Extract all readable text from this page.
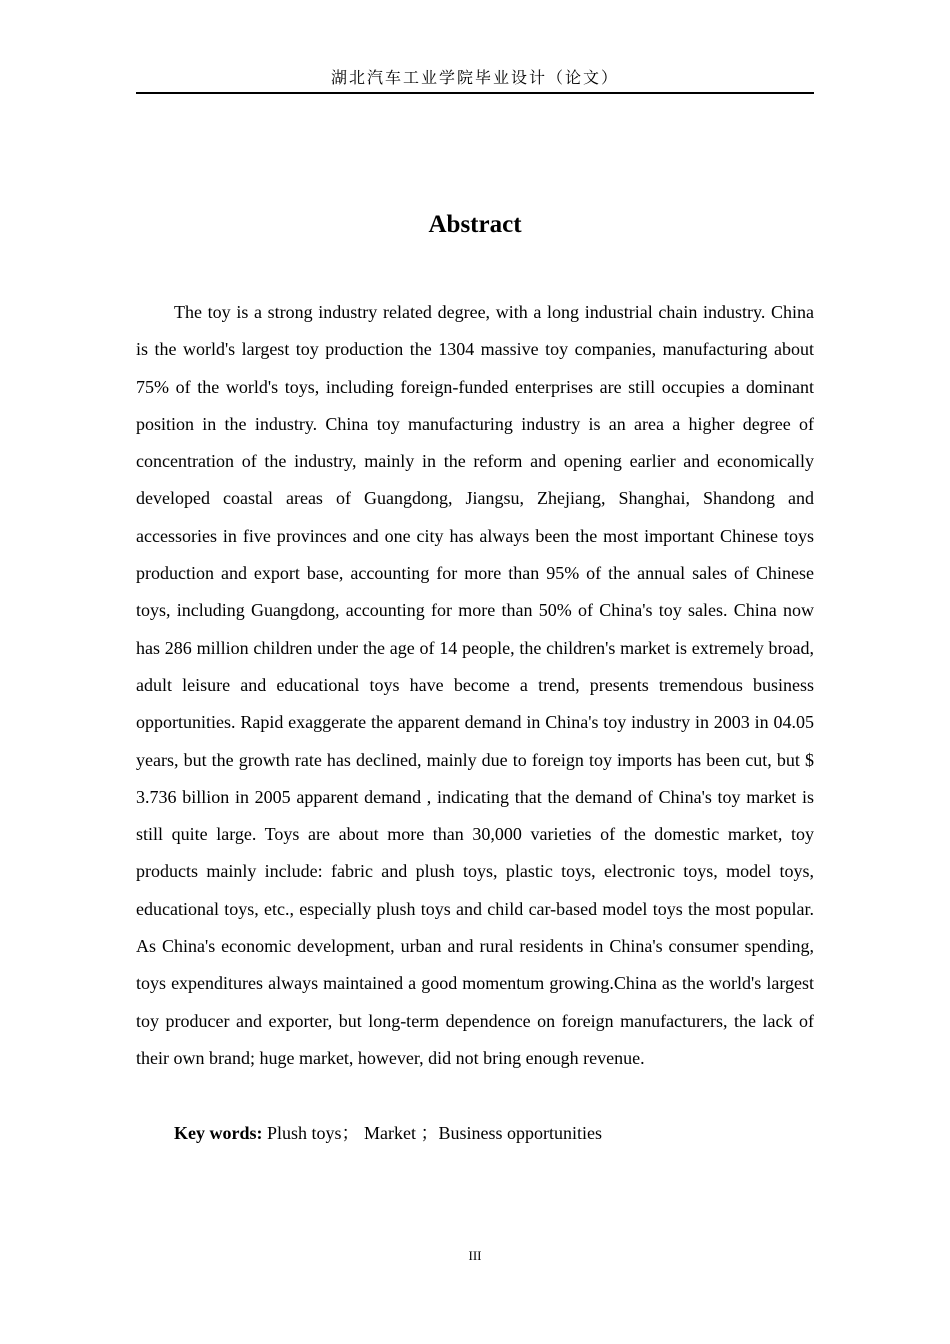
湖北汽车工业学院毕业设计（论文）
Abstract

The toy is a strong industry related degree, with a long industrial chain industry. China is the world's largest toy production the 1304 massive toy companies, manufacturing about 75% of the world's toys, including foreign-funded enterprises are still occupies a dominant position in the industry. China toy manufacturing industry is an area a higher degree of concentration of the industry, mainly in the reform and opening earlier and economically developed coastal areas of Guangdong, Jiangsu, Zhejiang, Shanghai, Shandong and accessories in five provinces and one city has always been the most important Chinese toys production and export base, accounting for more than 95% of the annual sales of Chinese toys, including Guangdong, accounting for more than 50% of China's toy sales. China now has 286 million children under the age of 14 people, the children's market is extremely broad, adult leisure and educational toys have become a trend, presents tremendous business opportunities. Rapid exaggerate the apparent demand in China's toy industry in 2003 in 04.05 years, but the growth rate has declined, mainly due to foreign toy imports has been cut, but $ 3.736 billion in 2005 apparent demand , indicating that the demand of China's toy market is still quite large. Toys are about more than 30,000 varieties of the domestic market, toy products mainly include: fabric and plush toys, plastic toys, electronic toys, model toys, educational toys, etc., especially plush toys and child car-based model toys the most popular. As China's economic development, urban and rural residents in China's consumer spending, toys expenditures always maintained a good momentum growing.China as the world's largest toy producer and exporter, but long-term dependence on foreign manufacturers, the lack of their own brand; huge market, however, did not bring enough revenue.

Key words: Plush toys； Market ；Business opportunities

III
